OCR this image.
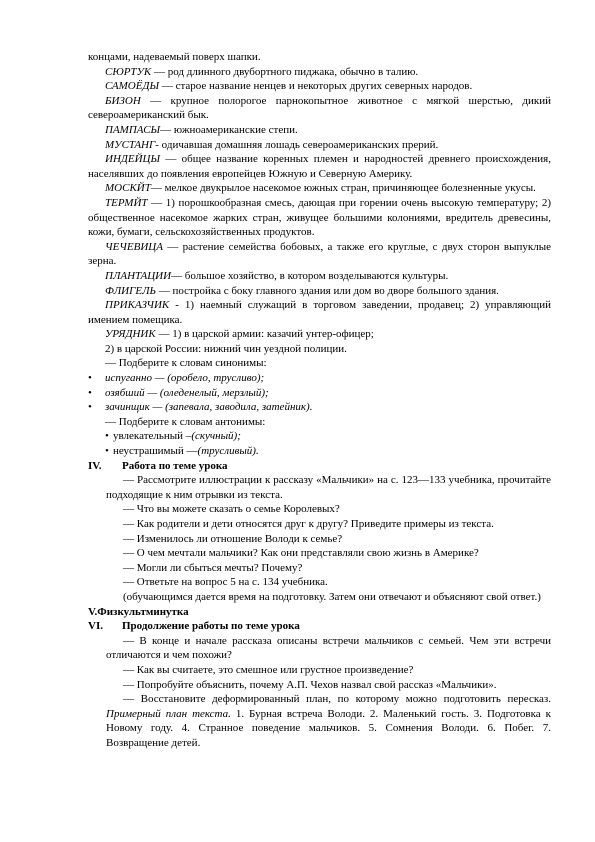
концами, надеваемый поверх шапки.

СЮРТУК — род длинного двубортного пиджака, обычно в талию.

САМОЁДЫ — старое название ненцев и некоторых других северных народов.

БИЗОН — крупное полорогое парнокопытное животное с мягкой шерстью, дикий североамериканский бык.

ПАМПАСЫ— южноамериканские степи.

МУСТАНГ- одичавшая домашняя лошадь североамериканских прерий.

ИНДЕЙЦЫ — общее название коренных племен и народностей древнего происхождения, населявших до появления европейцев Южную и Северную Америку.

МОСКЙТ— мелкое двукрылое насекомое южных стран, причиняющее болезненные укусы.

ТЕРМЙТ — 1) порошкообразная смесь, дающая при горении очень высокую температуру; 2) общественное насекомое жарких стран, живущее большими колониями, вредитель древесины, кожи, бумаги, сельскохозяйственных продуктов.

ЧЕЧЕВИЦА — растение семейства бобовых, а также его круглые, с двух сторон выпуклые зерна.

ПЛАНТАЦИИ— большое хозяйство, в котором возделываются культуры.

ФЛИГЕЛЬ — постройка с боку главного здания или дом во дворе большого здания.

ПРИКАЗЧИК - 1) наемный служащий в торговом заведении, продавец; 2) управляющий имением помещика.

УРЯДНИК — 1) в царской армии: казачий унтер-офицер;

2) в царской России: нижний чин уездной полиции.

— Подберите к словам синонимы:

•	испуганно — (оробело, трусливо);
•	озябший — (оледенелый, мерзлый);
•	зачинщик — (запевала, заводила, затейник).

— Подберите к словам антонимы:

• увлекательный – (скучный);
• неустрашимый — (трусливый).
IV.	Работа по теме урока

— Рассмотрите иллюстрации к рассказу «Мальчики» на с. 123—133 учебника, прочитайте подходящие к ним отрывки из текста.

— Что вы можете сказать о семье Королевых?

— Как родители и дети относятся друг к другу? Приведите примеры из текста.

— Изменилось ли отношение Володи к семье?

— О чем мечтали мальчики? Как они представляли свою жизнь в Америке?

— Могли ли сбыться мечты? Почему?

— Ответьте на вопрос 5 на с. 134 учебника.

(обучающимся дается время на подготовку. Затем они отвечают и объясняют свой ответ.)

V.Физкультминутка

VI.	Продолжение работы по теме урока

— В конце и начале рассказа описаны встречи мальчиков с семьей. Чем эти встречи отличаются и чем похожи?

— Как вы считаете, это смешное или грустное произведение?

— Попробуйте объяснить, почему А.П. Чехов назвал свой рассказ «Мальчики».

— Восстановите деформированный план, по которому можно подготовить пересказ. Примерный план текста. 1. Бурная встреча Володи. 2. Маленький гость. 3. Подготовка к Новому году. 4. Странное поведение мальчиков. 5. Сомнения Володи. 6. Побег. 7. Возвращение детей.
